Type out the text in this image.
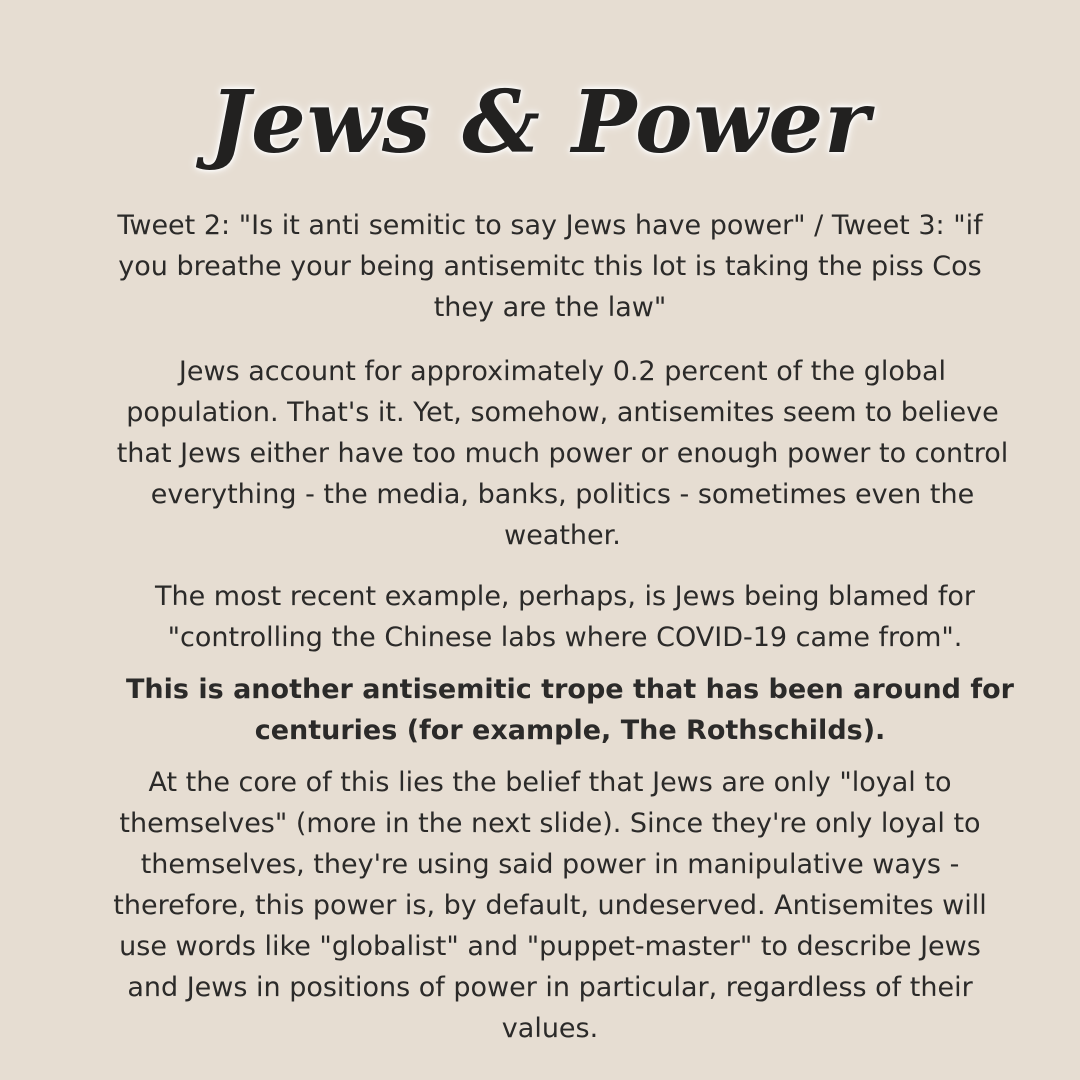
Jews & Power

Tweet 2: "Is it anti semitic to say Jews have power" / Tweet 3: "if you breathe your being antisemitc this lot is taking the piss Cos they are the law"

Jews account for approximately 0.2 percent of the global population. That's it. Yet, somehow, antisemites seem to believe that Jews either have too much power or enough power to control everything - the media, banks, politics - sometimes even the weather.

The most recent example, perhaps, is Jews being blamed for "controlling the Chinese labs where COVID-19 came from".

This is another antisemitic trope that has been around for centuries (for example, The Rothschilds).

At the core of this lies the belief that Jews are only "loyal to themselves" (more in the next slide). Since they're only loyal to themselves, they're using said power in manipulative ways - therefore, this power is, by default, undeserved. Antisemites will use words like "globalist" and "puppet-master" to describe Jews and Jews in positions of power in particular, regardless of their values.
